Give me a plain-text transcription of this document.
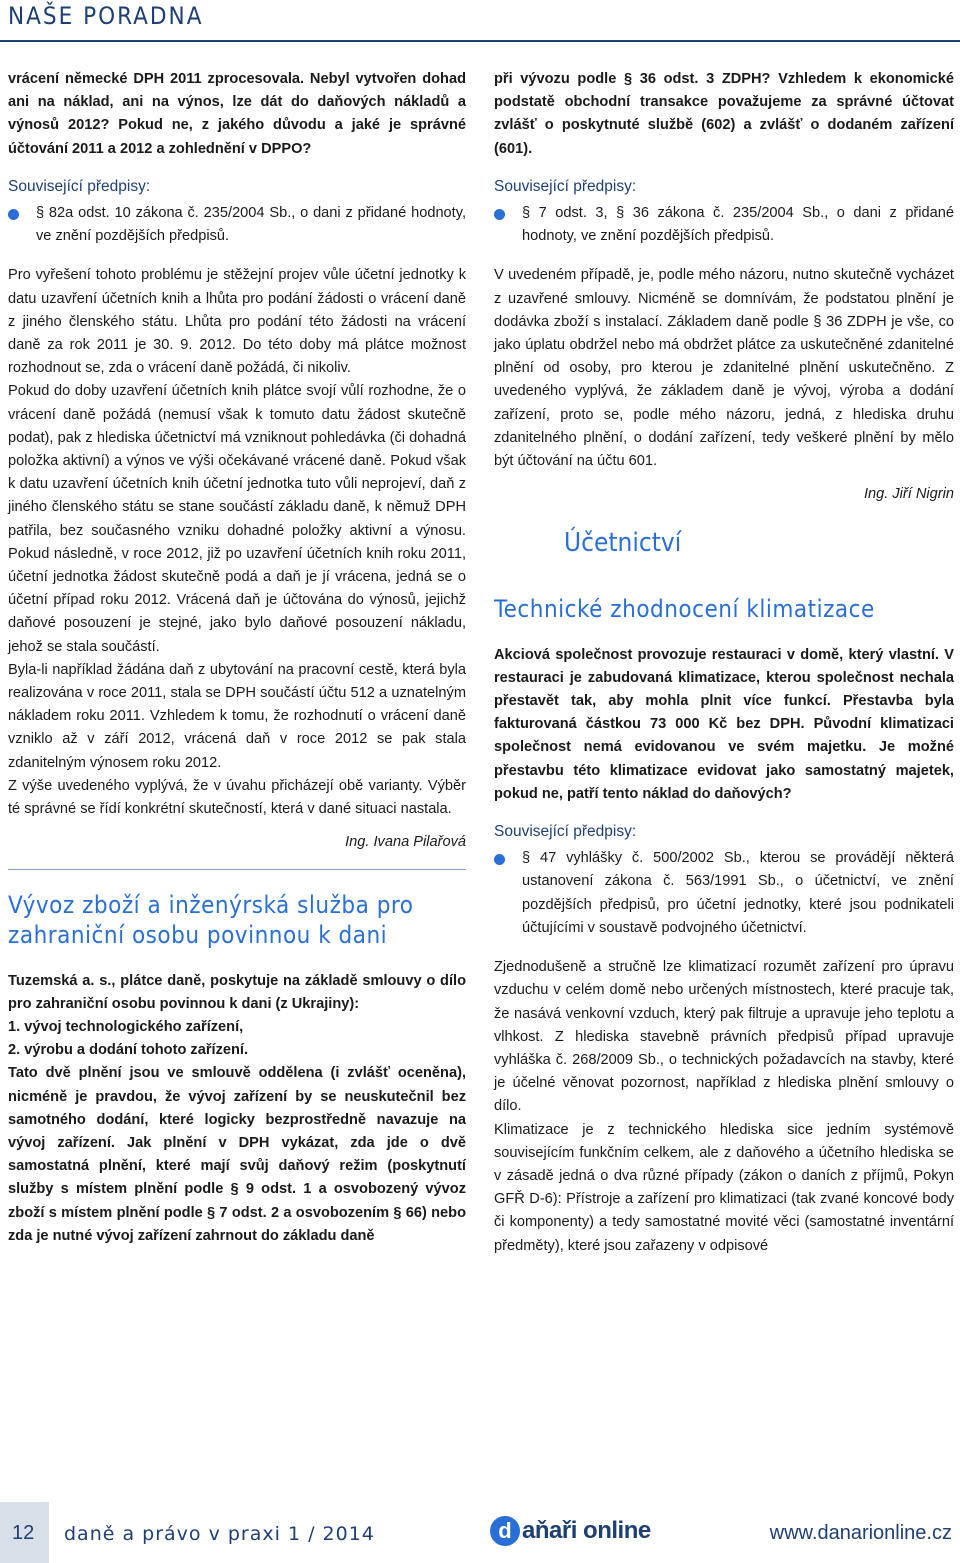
NAŠE PORADNA

vrácení německé DPH 2011 zprocesovala. Nebyl vytvořen dohad ani na náklad, ani na výnos, lze dát do daňových nákladů a výnosů 2012? Pokud ne, z jakého důvodu a jaké je správné účtování 2011 a 2012 a zohlednění v DPPO?

Související předpisy:

§ 82a odst. 10 zákona č. 235/2004 Sb., o dani z přidané hodnoty, ve znění pozdějších předpisů.

Pro vyřešení tohoto problému je stěžejní projev vůle účetní jednotky k datu uzavření účetních knih a lhůta pro podání žádosti o vrácení daně z jiného členského státu. Lhůta pro podání této žádosti na vrácení daně za rok 2011 je 30. 9. 2012. Do této doby má plátce možnost rozhodnout se, zda o vrácení daně požádá, či nikoliv.

Pokud do doby uzavření účetních knih plátce svojí vůlí rozhodne, že o vrácení daně požádá (nemusí však k tomuto datu žádost skutečně podat), pak z hlediska účetnictví má vzniknout pohledávka (či dohadná položka aktivní) a výnos ve výši očekávané vrácené daně. Pokud však k datu uzavření účetních knih účetní jednotka tuto vůli neprojeví, daň z jiného členského státu se stane součástí základu daně, k němuž DPH patřila, bez současného vzniku dohadné položky aktivní a výnosu. Pokud následně, v roce 2012, již po uzavření účetních knih roku 2011, účetní jednotka žádost skutečně podá a daň je jí vrácena, jedná se o účetní případ roku 2012. Vrácená daň je účtována do výnosů, jejichž daňové posouzení je stejné, jako bylo daňové posouzení nákladu, jehož se stala součástí.

Byla-li například žádána daň z ubytování na pracovní cestě, která byla realizována v roce 2011, stala se DPH součástí účtu 512 a uznatelným nákladem roku 2011. Vzhledem k tomu, že rozhodnutí o vrácení daně vzniklo až v září 2012, vrácená daň v roce 2012 se pak stala zdanitelným výnosem roku 2012.

Z výše uvedeného vyplývá, že v úvahu přicházejí obě varianty. Výběr té správné se řídí konkrétní skutečností, která v dané situaci nastala.

Ing. Ivana Pilařová

Vývoz zboží a inženýrská služba pro zahraniční osobu povinnou k dani

Tuzemská a. s., plátce daně, poskytuje na základě smlouvy o dílo pro zahraniční osobu povinnou k dani (z Ukrajiny):

1. vývoj technologického zařízení,

2. výrobu a dodání tohoto zařízení.

Tato dvě plnění jsou ve smlouvě oddělena (i zvlášť oceněna), nicméně je pravdou, že vývoj zařízení by se neuskutečnil bez samotného dodání, které logicky bezprostředně navazuje na vývoj zařízení. Jak plnění v DPH vykázat, zda jde o dvě samostatná plnění, které mají svůj daňový režim (poskytnutí služby s místem plnění podle § 9 odst. 1 a osvobozený vývoz zboží s místem plnění podle § 7 odst. 2 a osvobozením § 66) nebo zda je nutné vývoj zařízení zahrnout do základu daně

při vývozu podle § 36 odst. 3 ZDPH? Vzhledem k ekonomické podstatě obchodní transakce považujeme za správné účtovat zvlášť o poskytnuté službě (602) a zvlášť o dodaném zařízení (601).

Související předpisy:

§ 7 odst. 3, § 36 zákona č. 235/2004 Sb., o dani z přidané hodnoty, ve znění pozdějších předpisů.

V uvedeném případě, je, podle mého názoru, nutno skutečně vycházet z uzavřené smlouvy. Nicméně se domnívám, že podstatou plnění je dodávka zboží s instalací. Základem daně podle § 36 ZDPH je vše, co jako úplatu obdržel nebo má obdržet plátce za uskutečněné zdanitelné plnění od osoby, pro kterou je zdanitelné plnění uskutečněno. Z uvedeného vyplývá, že základem daně je vývoj, výroba a dodání zařízení, proto se, podle mého názoru, jedná, z hlediska druhu zdanitelného plnění, o dodání zařízení, tedy veškeré plnění by mělo být účtování na účtu 601.

Ing. Jiří Nigrin

Účetnictví

Technické zhodnocení klimatizace

Akciová společnost provozuje restauraci v domě, který vlastní. V restauraci je zabudovaná klimatizace, kterou společnost nechala přestavět tak, aby mohla plnit více funkcí. Přestavba byla fakturovaná částkou 73 000 Kč bez DPH. Původní klimatizaci společnost nemá evidovanou ve svém majetku. Je možné přestavbu této klimatizace evidovat jako samostatný majetek, pokud ne, patří tento náklad do daňových?

Související předpisy:

§ 47 vyhlášky č. 500/2002 Sb., kterou se provádějí některá ustanovení zákona č. 563/1991 Sb., o účetnictví, ve znění pozdějších předpisů, pro účetní jednotky, které jsou podnikateli účtujícími v soustavě podvojného účetnictví.

Zjednodušeně a stručně lze klimatizací rozumět zařízení pro úpravu vzduchu v celém domě nebo určených místnostech, které pracuje tak, že nasává venkovní vzduch, který pak filtruje a upravuje jeho teplotu a vlhkost. Z hlediska stavebně právních předpisů případ upravuje vyhláška č. 268/2009 Sb., o technických požadavcích na stavby, které je účelné věnovat pozornost, například z hlediska plnění smlouvy o dílo.

Klimatizace je z technického hlediska sice jedním systémově souvisejícím funkčním celkem, ale z daňového a účetního hlediska se v zásadě jedná o dva různé případy (zákon o daních z příjmů, Pokyn GFŘ D-6): Přístroje a zařízení pro klimatizaci (tak zvané koncové body či komponenty) a tedy samostatné movité věci (samostatné inventární předměty), které jsou zařazeny v odpisové

12 daně a právo v praxi 1 / 2014	d aňaři online	www.danarionline.cz
